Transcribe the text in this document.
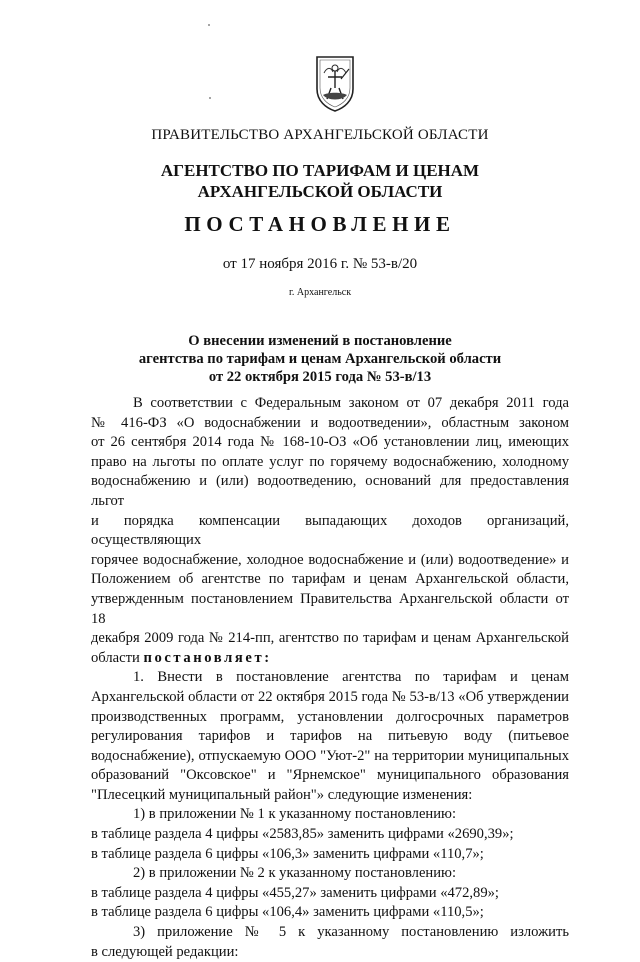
ПРАВИТЕЛЬСТВО АРХАНГЕЛЬСКОЙ ОБЛАСТИ
АГЕНТСТВО ПО ТАРИФАМ И ЦЕНАМ
АРХАНГЕЛЬСКОЙ ОБЛАСТИ
ПОСТАНОВЛЕНИЕ
от 17 ноября 2016 г. № 53-в/20
г. Архангельск
О внесении изменений в постановление
агентства по тарифам и ценам Архангельской области
от 22 октября 2015 года № 53-в/13

В соответствии с Федеральным законом от 07 декабря 2011 года

№ 416-ФЗ «О водоснабжении и водоотведении», областным законом

от 26 сентября 2014 года № 168-10-ОЗ «Об установлении лиц, имеющих

право на льготы по оплате услуг по горячему водоснабжению, холодному

водоснабжению и (или) водоотведению, оснований для предоставления льгот

и порядка компенсации выпадающих доходов организаций, осуществляющих

горячее водоснабжение, холодное водоснабжение и (или) водоотведение» и

Положением об агентстве по тарифам и ценам Архангельской области,

утвержденным постановлением Правительства Архангельской области от 18

декабря 2009 года № 214-пп, агентство по тарифам и ценам Архангельской

области постановляет:

1. Внести в постановление агентства по тарифам и ценам

Архангельской области от 22 октября 2015 года № 53-в/13 «Об утверждении

производственных программ, установлении долгосрочных параметров

регулирования тарифов и тарифов на питьевую воду (питьевое

водоснабжение), отпускаемую ООО "Уют-2" на территории муниципальных

образований "Оксовское" и "Ярнемское" муниципального образования

"Плесецкий муниципальный район"» следующие изменения:

1) в приложении № 1 к указанному постановлению:

в таблице раздела 4 цифры «2583,85» заменить цифрами «2690,39»;

в таблице раздела 6 цифры «106,3» заменить цифрами «110,7»;

2) в приложении № 2 к указанному постановлению:

в таблице раздела 4 цифры «455,27» заменить цифрами «472,89»;

в таблице раздела 6 цифры «106,4» заменить цифрами «110,5»;

3) приложение № 5 к указанному постановлению изложить

в следующей редакции:
